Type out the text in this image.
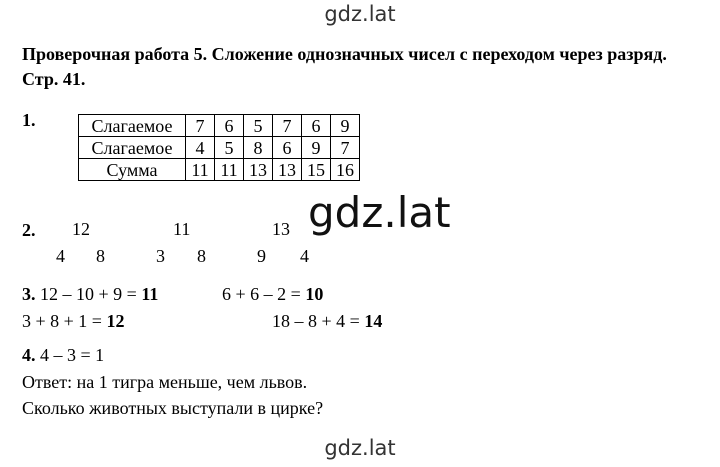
gdz.lat
Проверочная работа 5. Сложение однозначных чисел с переходом через разряд. Стр. 41.
1.	Слагаемое	7	6	5	7	6	9
Слагаемое	4	5	8	6	9	7
Сумма	11	11	13	13	15	16
gdz.lat
2. 12	11	13
4 8	3 8	9 4
3. 12 – 10 + 9 = 11	6 + 6 – 2 = 10
3 + 8 + 1 = 12	18 – 8 + 4 = 14
4. 4 – 3 = 1
Ответ: на 1 тигра меньше, чем львов.
Сколько животных выступали в цирке?
gdz.lat
